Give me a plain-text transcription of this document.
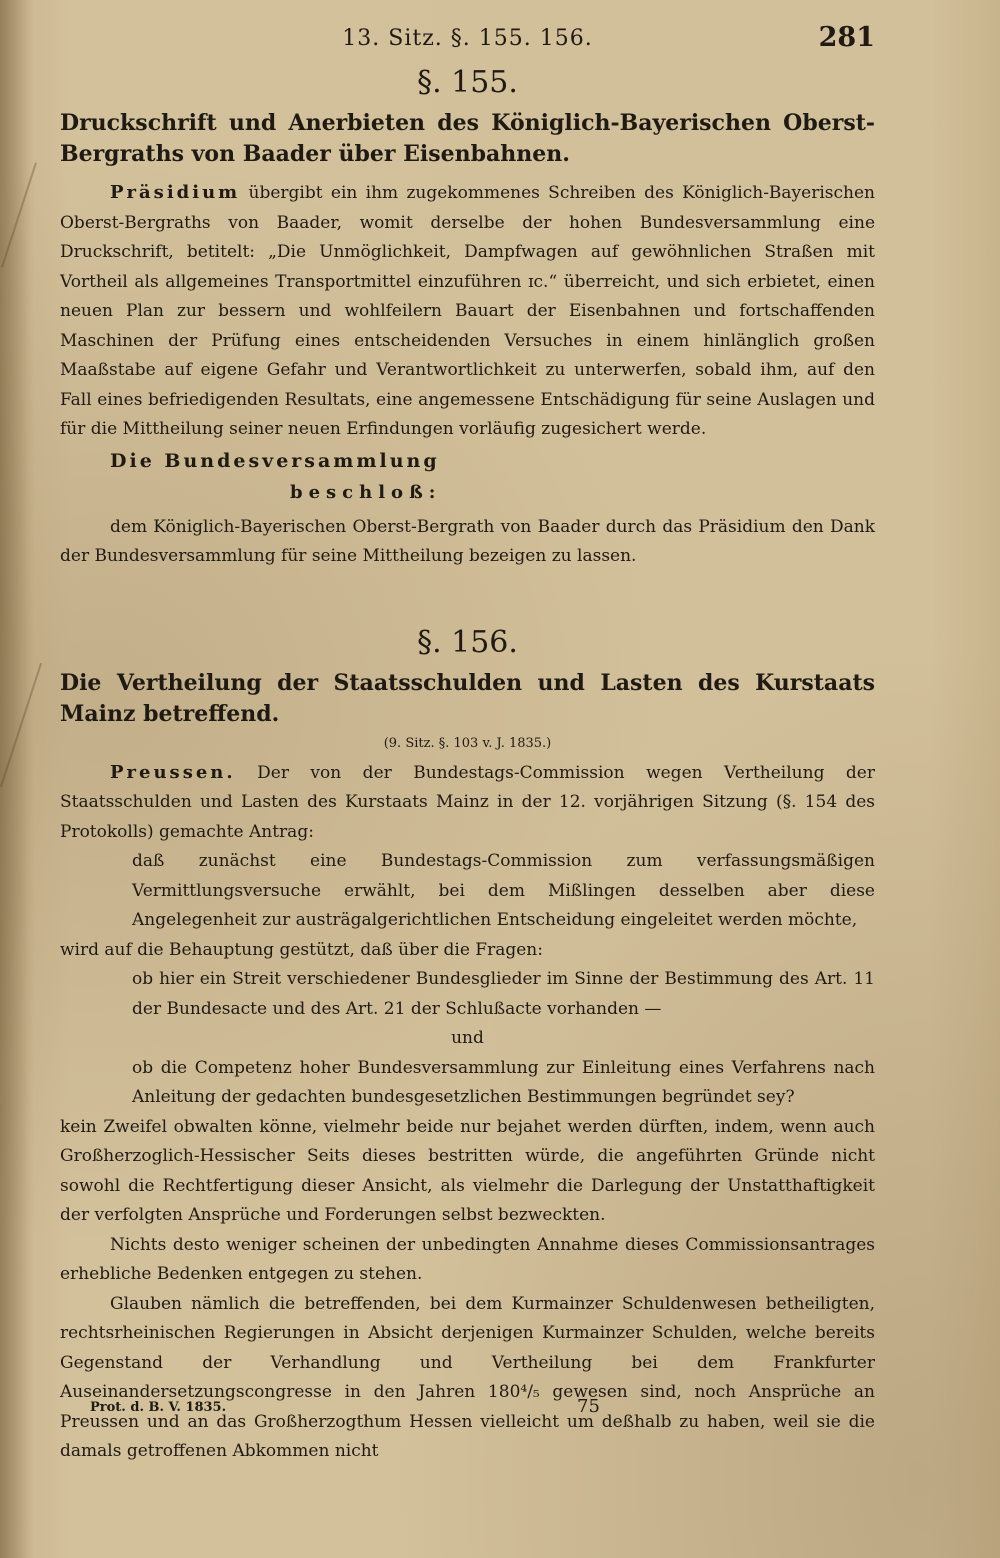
13. Sitz. §. 155. 156.	281
§. 155.
Druckschrift und Anerbieten des Königlich-Bayerischen Oberst-Bergraths von Baader über Eisenbahnen.

Präsidium übergibt ein ihm zugekommenes Schreiben des Königlich-Bayerischen Oberst-Bergraths von Baader, womit derselbe der hohen Bundesversammlung eine Druckschrift, betitelt: „Die Unmöglichkeit, Dampfwagen auf gewöhnlichen Straßen mit Vortheil als allgemeines Transportmittel einzuführen ɪc.“ überreicht, und sich erbietet, einen neuen Plan zur bessern und wohlfeilern Bauart der Eisenbahnen und fortschaffenden Maschinen der Prüfung eines entscheidenden Versuches in einem hinlänglich großen Maaßstabe auf eigene Gefahr und Verantwortlichkeit zu unterwerfen, sobald ihm, auf den Fall eines befriedigenden Resultats, eine angemessene Entschädigung für seine Auslagen und für die Mittheilung seiner neuen Erfindungen vorläufig zugesichert werde.

Die Bundesversammlung
beschloß:

dem Königlich-Bayerischen Oberst-Bergrath von Baader durch das Präsidium den Dank der Bundesversammlung für seine Mittheilung bezeigen zu lassen.

§. 156.
Die Vertheilung der Staatsschulden und Lasten des Kurstaats Mainz betreffend.
(9. Sitz. §. 103 v. J. 1835.)

Preussen. Der von der Bundestags-Commission wegen Vertheilung der Staatsschulden und Lasten des Kurstaats Mainz in der 12. vorjährigen Sitzung (§. 154 des Protokolls) gemachte Antrag:

daß zunächst eine Bundestags-Commission zum verfassungsmäßigen Vermittlungsversuche erwählt, bei dem Mißlingen desselben aber diese Angelegenheit zur austrägalgerichtlichen Entscheidung eingeleitet werden möchte,

wird auf die Behauptung gestützt, daß über die Fragen:

ob hier ein Streit verschiedener Bundesglieder im Sinne der Bestimmung des Art. 11 der Bundesacte und des Art. 21 der Schlußacte vorhanden —

und

ob die Competenz hoher Bundesversammlung zur Einleitung eines Verfahrens nach Anleitung der gedachten bundesgesetzlichen Bestimmungen begründet sey?

kein Zweifel obwalten könne, vielmehr beide nur bejahet werden dürften, indem, wenn auch Großherzoglich-Hessischer Seits dieses bestritten würde, die angeführten Gründe nicht sowohl die Rechtfertigung dieser Ansicht, als vielmehr die Darlegung der Unstatthaftigkeit der verfolgten Ansprüche und Forderungen selbst bezweckten.

Nichts desto weniger scheinen der unbedingten Annahme dieses Commissionsantrages erhebliche Bedenken entgegen zu stehen.

Glauben nämlich die betreffenden, bei dem Kurmainzer Schuldenwesen betheiligten, rechtsrheinischen Regierungen in Absicht derjenigen Kurmainzer Schulden, welche bereits Gegenstand der Verhandlung und Vertheilung bei dem Frankfurter Auseinandersetzungscongresse in den Jahren 180⁴/₅ gewesen sind, noch Ansprüche an Preussen und an das Großherzogthum Hessen vielleicht um deßhalb zu haben, weil sie die damals getroffenen Abkommen nicht

Prot. d. B. V. 1835.	75
